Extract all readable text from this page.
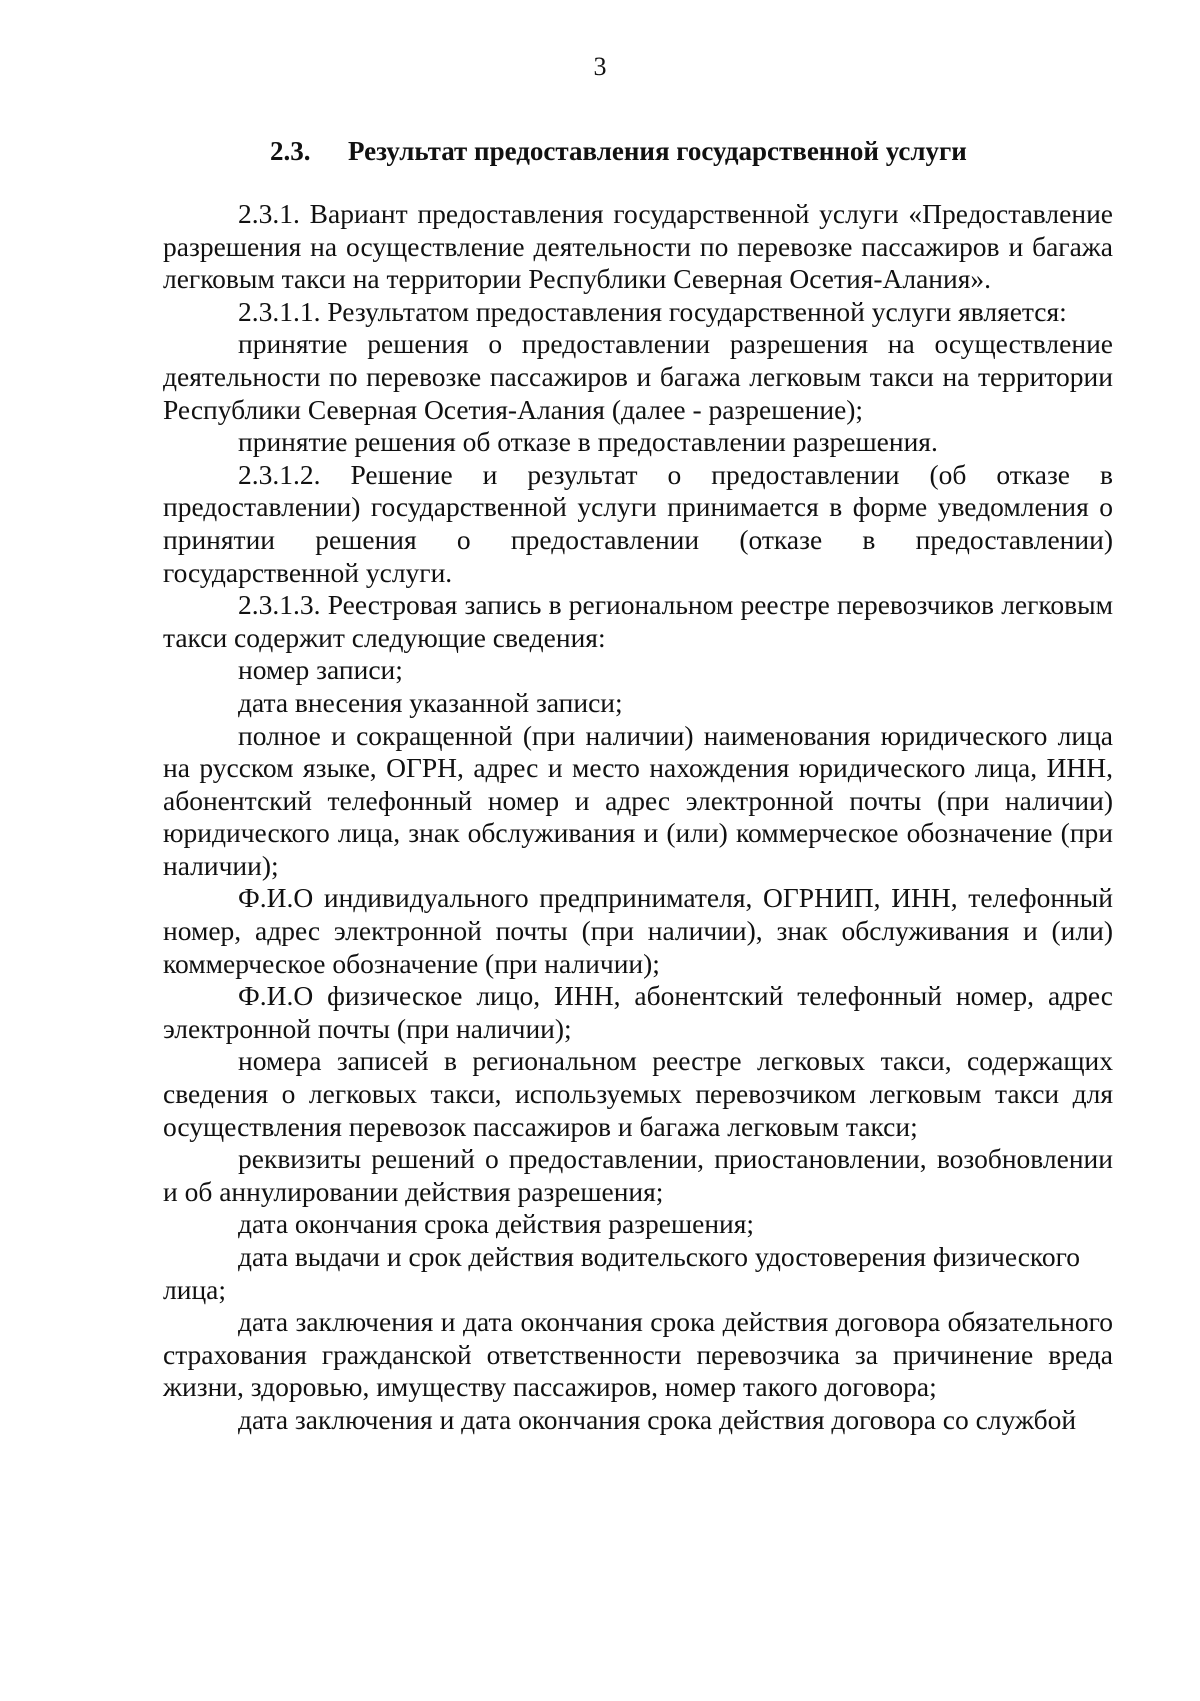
3
2.3. Результат предоставления государственной услуги

2.3.1. Вариант предоставления государственной услуги «Предоставление разрешения на осуществление деятельности по перевозке пассажиров и багажа легковым такси на территории Республики Северная Осетия-Алания».

2.3.1.1. Результатом предоставления государственной услуги является:

принятие решения о предоставлении разрешения на осуществление деятельности по перевозке пассажиров и багажа легковым такси на территории Республики Северная Осетия-Алания (далее - разрешение);

принятие решения об отказе в предоставлении разрешения.

2.3.1.2. Решение и результат о предоставлении (об отказе в предоставлении) государственной услуги принимается в форме уведомления о принятии решения о предоставлении (отказе в предоставлении) государственной услуги.

2.3.1.3. Реестровая запись в региональном реестре перевозчиков легковым такси содержит следующие сведения:

номер записи;

дата внесения указанной записи;

полное и сокращенной (при наличии) наименования юридического лица на русском языке, ОГРН, адрес и место нахождения юридического лица, ИНН, абонентский телефонный номер и адрес электронной почты (при наличии) юридического лица, знак обслуживания и (или) коммерческое обозначение (при наличии);

Ф.И.О индивидуального предпринимателя, ОГРНИП, ИНН, телефонный номер, адрес электронной почты (при наличии), знак обслуживания и (или) коммерческое обозначение (при наличии);

Ф.И.О физическое лицо, ИНН, абонентский телефонный номер, адрес электронной почты (при наличии);

номера записей в региональном реестре легковых такси, содержащих сведения о легковых такси, используемых перевозчиком легковым такси для осуществления перевозок пассажиров и багажа легковым такси;

реквизиты решений о предоставлении, приостановлении, возобновлении и об аннулировании действия разрешения;

дата окончания срока действия разрешения;

дата выдачи и срок действия водительского удостоверения физического

лица;

дата заключения и дата окончания срока действия договора обязательного страхования гражданской ответственности перевозчика за причинение вреда жизни, здоровью, имуществу пассажиров, номер такого договора;

дата заключения и дата окончания срока действия договора со службой
